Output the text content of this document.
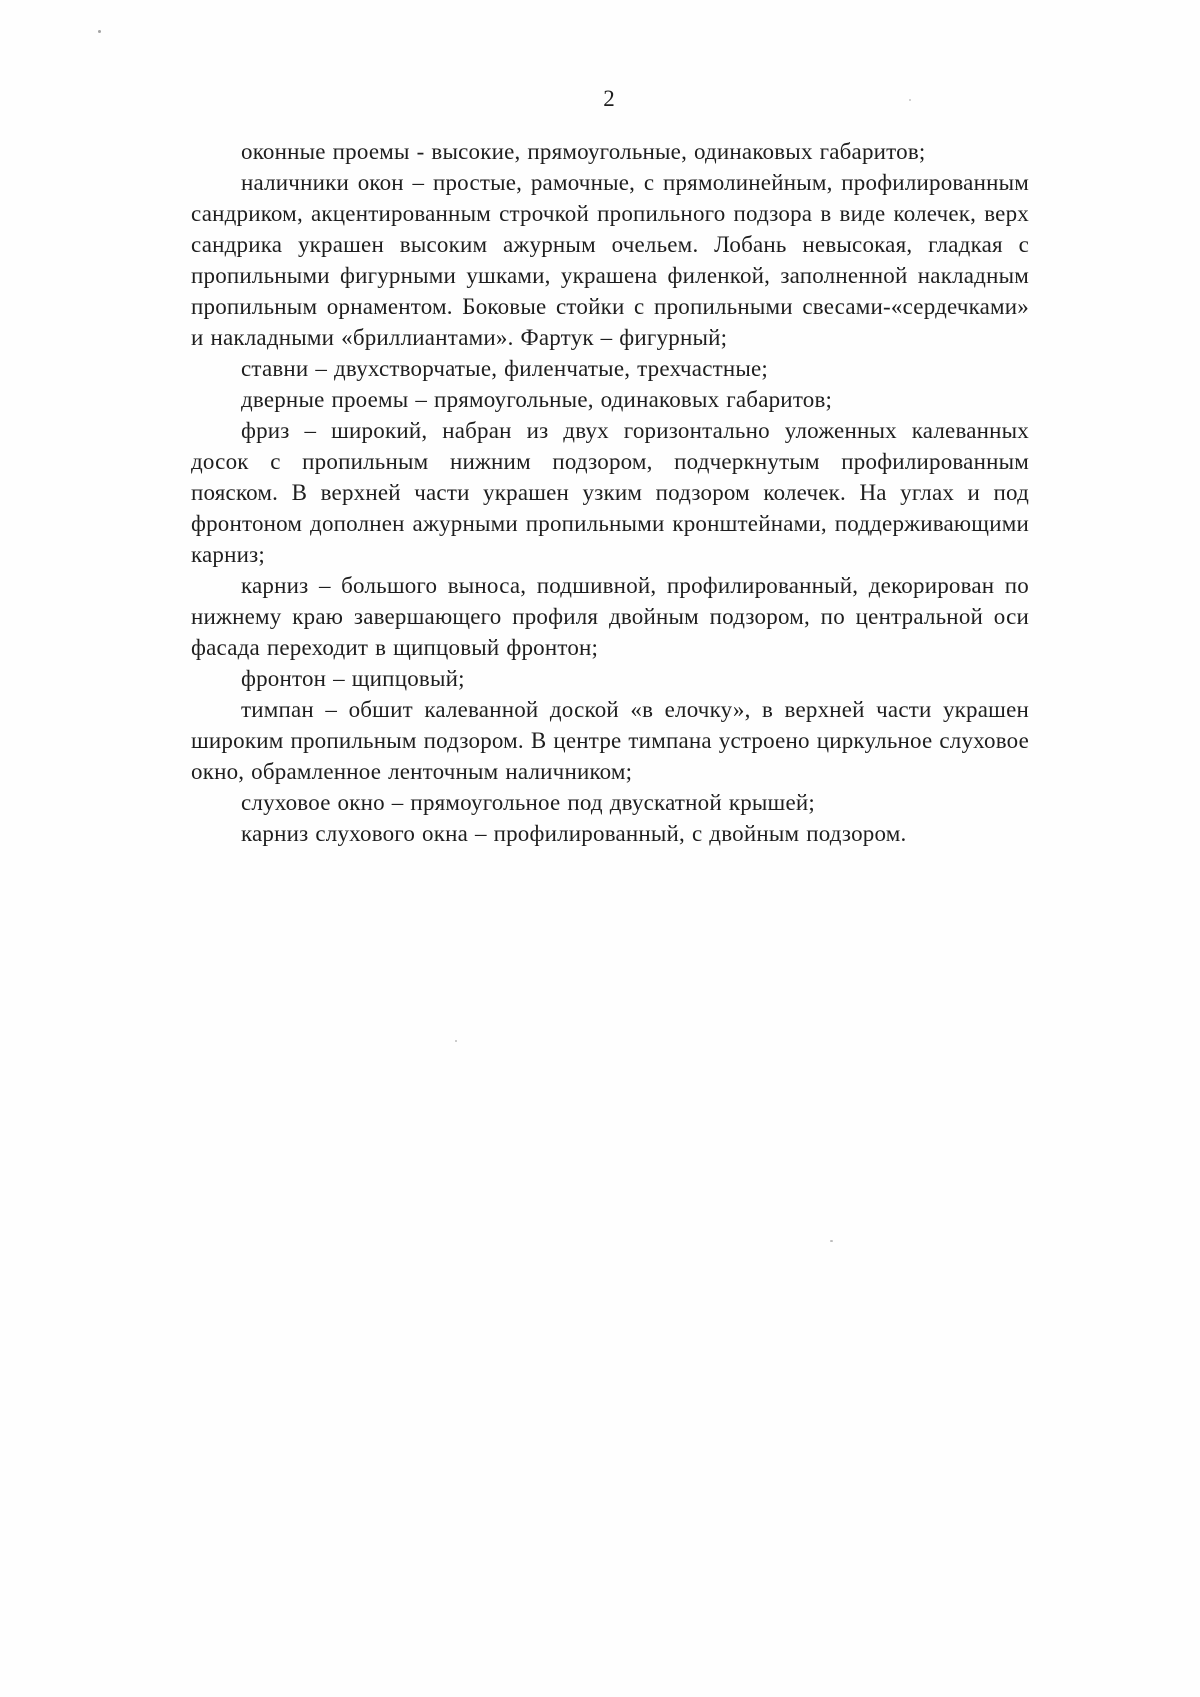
2

оконные проемы - высокие, прямоугольные, одинаковых габаритов;

наличники окон – простые, рамочные, с прямолинейным, профилированным сандриком, акцентированным строчкой пропильного подзора в виде колечек, верх сандрика украшен высоким ажурным очельем. Лобань невысокая, гладкая с пропильными фигурными ушками, украшена филенкой, заполненной накладным пропильным орнаментом. Боковые стойки с пропильными свесами-«сердечками» и накладными «бриллиантами». Фартук – фигурный;

ставни – двухстворчатые, филенчатые, трехчастные;

дверные проемы – прямоугольные, одинаковых габаритов;

фриз – широкий, набран из двух горизонтально уложенных калеванных досок с пропильным нижним подзором, подчеркнутым профилированным пояском. В верхней части украшен узким подзором колечек. На углах и под фронтоном дополнен ажурными пропильными кронштейнами, поддерживающими карниз;

карниз – большого выноса, подшивной, профилированный, декорирован по нижнему краю завершающего профиля двойным подзором, по центральной оси фасада переходит в щипцовый фронтон;

фронтон – щипцовый;

тимпан – обшит калеванной доской «в елочку», в верхней части украшен широким пропильным подзором. В центре тимпана устроено циркульное слуховое окно, обрамленное ленточным наличником;

слуховое окно – прямоугольное под двускатной крышей;

карниз слухового окна – профилированный, с двойным подзором.
